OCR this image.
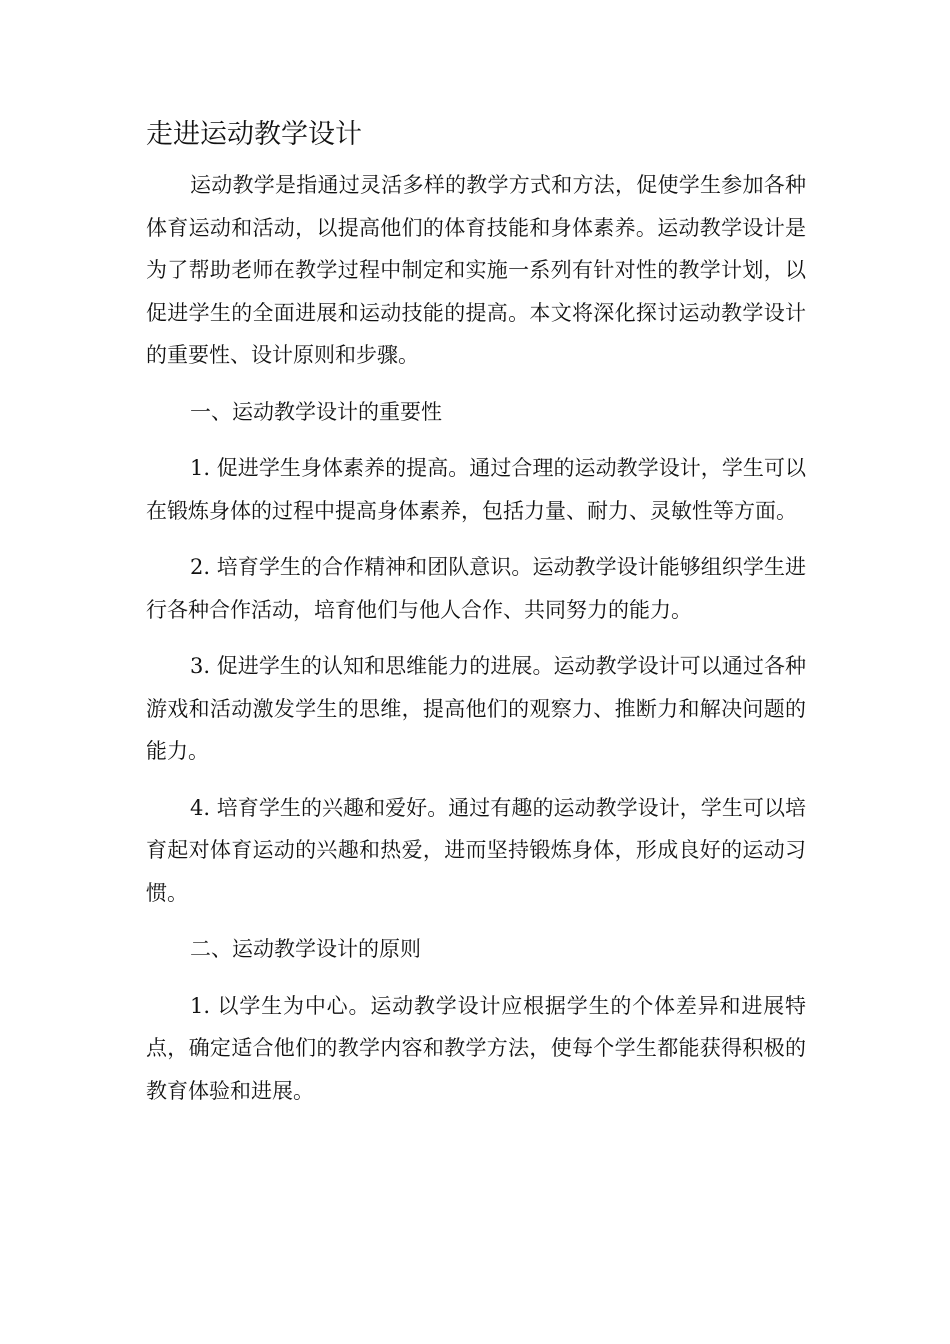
走进运动教学设计

运动教学是指通过灵活多样的教学方式和方法，促使学生参加各种体育运动和活动，以提高他们的体育技能和身体素养。运动教学设计是为了帮助老师在教学过程中制定和实施一系列有针对性的教学计划，以促进学生的全面进展和运动技能的提高。本文将深化探讨运动教学设计的重要性、设计原则和步骤。

一、运动教学设计的重要性

1. 促进学生身体素养的提高。通过合理的运动教学设计，学生可以在锻炼身体的过程中提高身体素养，包括力量、耐力、灵敏性等方面。

2. 培育学生的合作精神和团队意识。运动教学设计能够组织学生进行各种合作活动，培育他们与他人合作、共同努力的能力。

3. 促进学生的认知和思维能力的进展。运动教学设计可以通过各种游戏和活动激发学生的思维，提高他们的观察力、推断力和解决问题的能力。

4. 培育学生的兴趣和爱好。通过有趣的运动教学设计，学生可以培育起对体育运动的兴趣和热爱，进而坚持锻炼身体，形成良好的运动习惯。

二、运动教学设计的原则

1. 以学生为中心。运动教学设计应根据学生的个体差异和进展特点，确定适合他们的教学内容和教学方法，使每个学生都能获得积极的教育体验和进展。
